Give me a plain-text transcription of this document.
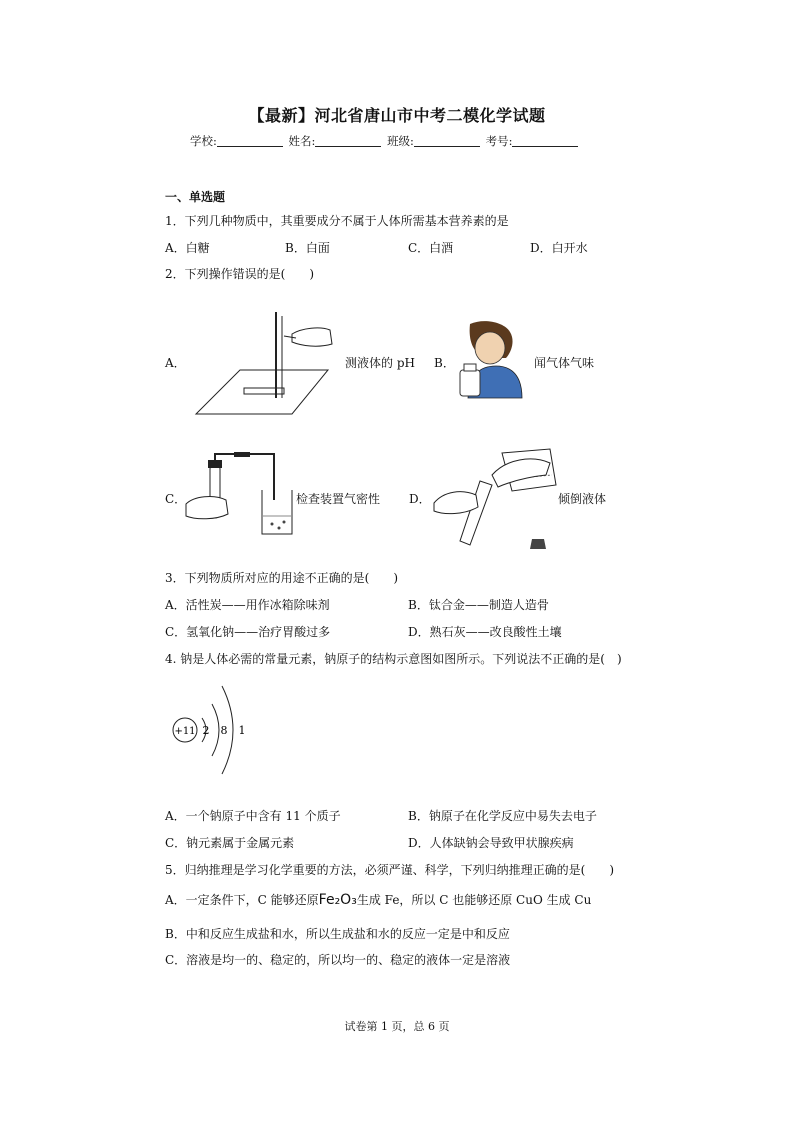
【最新】河北省唐山市中考二模化学试题
学校:	姓名:	班级:	考号:
一、单选题
1．下列几种物质中，其重要成分不属于人体所需基本营养素的是
A．白糖	B．白面	C．白酒	D．白开水
2．下列操作错误的是(　　)
A．	测液体的 pH B．	闻气体气味
C．	检查装置气密性 D．	倾倒液体
3．下列物质所对应的用途不正确的是(　　)
A．活性炭——用作冰箱除味剂	B．钛合金——制造人造骨
C．氢氧化钠——治疗胃酸过多	D．熟石灰——改良酸性土壤
4. 钠是人体必需的常量元素，钠原子的结构示意图如图所示。下列说法不正确的是(　)
+11 2 8 1
A．一个钠原子中含有 11 个质子	B．钠原子在化学反应中易失去电子
C．钠元素属于金属元素	D．人体缺钠会导致甲状腺疾病
5．归纳推理是学习化学重要的方法，必须严谨、科学，下列归纳推理正确的是(　　)
A．一定条件下，C 能够还原Fe₂O₃生成 Fe，所以 C 也能够还原 CuO 生成 Cu
B．中和反应生成盐和水，所以生成盐和水的反应一定是中和反应
C．溶液是均一的、稳定的，所以均一的、稳定的液体一定是溶液
试卷第 1 页，总 6 页
